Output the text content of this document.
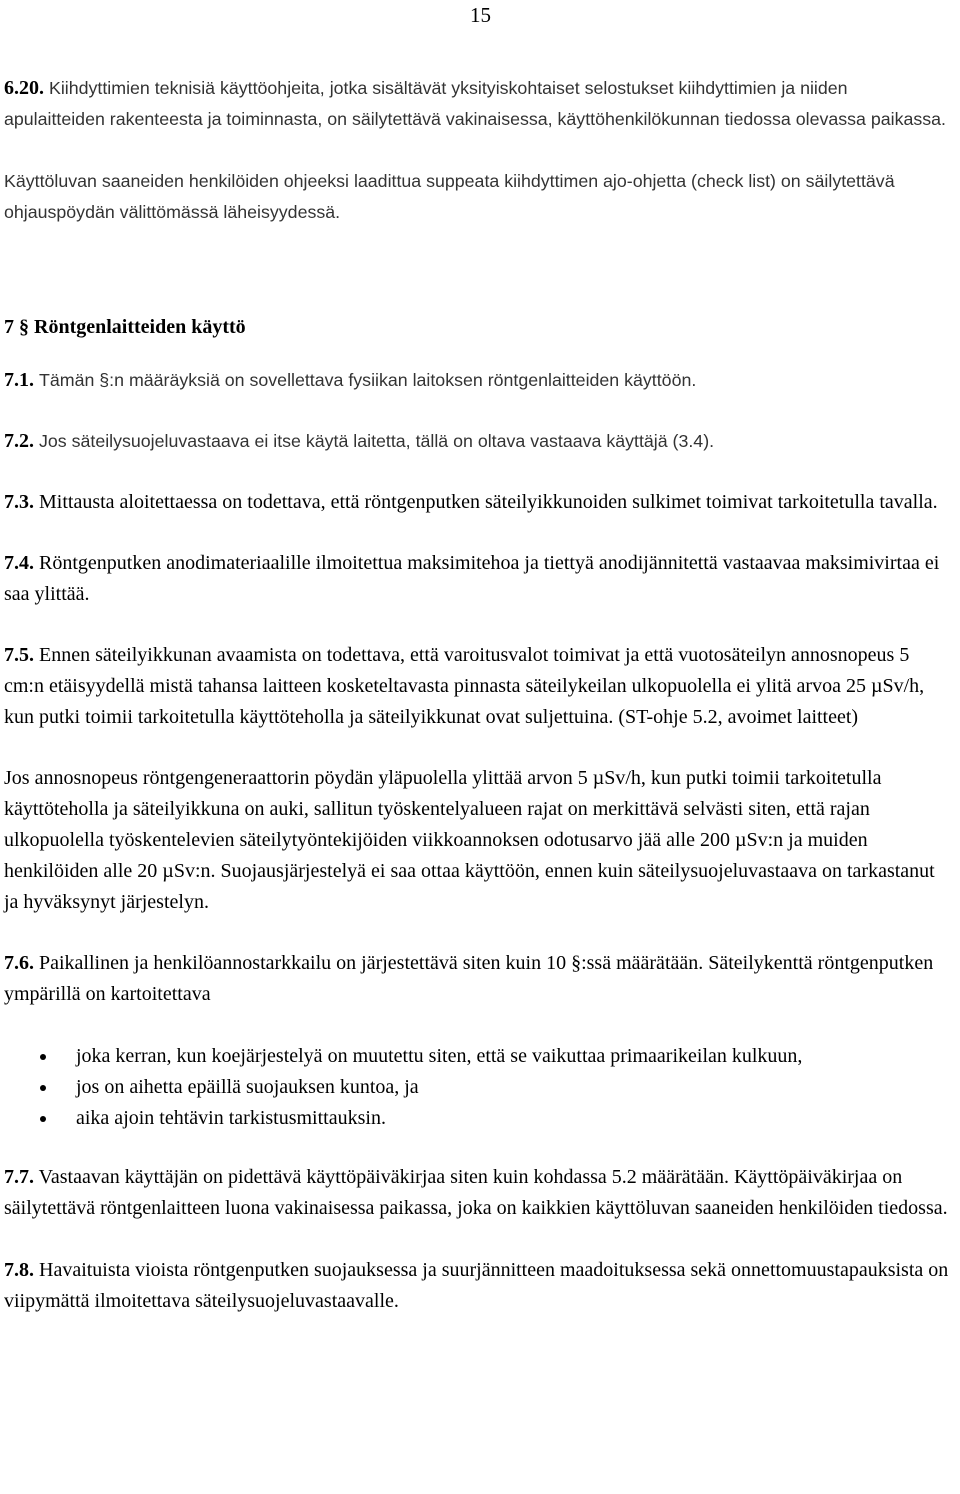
15

6.20. Kiihdyttimien teknisiä käyttöohjeita, jotka sisältävät yksityiskohtaiset selostukset kiihdyttimien ja niiden apulaitteiden rakenteesta ja toiminnasta, on säilytettävä vakinaisessa, käyttöhenkilökunnan tiedossa olevassa paikassa.

Käyttöluvan saaneiden henkilöiden ohjeeksi laadittua suppeata kiihdyttimen ajo-ohjetta (check list) on säilytettävä ohjauspöydän välittömässä läheisyydessä.

7 § Röntgenlaitteiden käyttö

7.1. Tämän §:n määräyksiä on sovellettava fysiikan laitoksen röntgenlaitteiden käyttöön.

7.2. Jos säteilysuojeluvastaava ei itse käytä laitetta, tällä on oltava vastaava käyttäjä (3.4).

7.3. Mittausta aloitettaessa on todettava, että röntgenputken säteilyikkunoiden sulkimet toimivat tarkoitetulla tavalla.

7.4. Röntgenputken anodimateriaalille ilmoitettua maksimitehoa ja tiettyä anodijännitettä vastaavaa maksimivirtaa ei saa ylittää.

7.5. Ennen säteilyikkunan avaamista on todettava, että varoitusvalot toimivat ja että vuotosäteilyn annosnopeus 5 cm:n etäisyydellä mistä tahansa laitteen kosketeltavasta pinnasta säteilykeilan ulkopuolella ei ylitä arvoa 25 µSv/h, kun putki toimii tarkoitetulla käyttöteholla ja säteilyikkunat ovat suljettuina. (ST-ohje 5.2, avoimet laitteet)

Jos annosnopeus röntgengeneraattorin pöydän yläpuolella ylittää arvon 5 µSv/h, kun putki toimii tarkoitetulla käyttöteholla ja säteilyikkuna on auki, sallitun työskentelyalueen rajat on merkittävä selvästi siten, että rajan ulkopuolella työskentelevien säteilytyöntekijöiden viikkoannoksen odotusarvo jää alle 200 µSv:n ja muiden henkilöiden alle 20 µSv:n. Suojausjärjestelyä ei saa ottaa käyttöön, ennen kuin säteilysuojeluvastaava on tarkastanut ja hyväksynyt järjestelyn.

7.6. Paikallinen ja henkilöannostarkkailu on järjestettävä siten kuin 10 §:ssä määrätään. Säteilykenttä röntgenputken ympärillä on kartoitettava

joka kerran, kun koejärjestelyä on muutettu siten, että se vaikuttaa primaarikeilan kulkuun,
jos on aihetta epäillä suojauksen kuntoa, ja
aika ajoin tehtävin tarkistusmittauksin.

7.7. Vastaavan käyttäjän on pidettävä käyttöpäiväkirjaa siten kuin kohdassa 5.2 määrätään. Käyttöpäiväkirjaa on säilytettävä röntgenlaitteen luona vakinaisessa paikassa, joka on kaikkien käyttöluvan saaneiden henkilöiden tiedossa.

7.8. Havaituista vioista röntgenputken suojauksessa ja suurjännitteen maadoituksessa sekä onnettomuustapauksista on viipymättä ilmoitettava säteilysuojeluvastaavalle.
